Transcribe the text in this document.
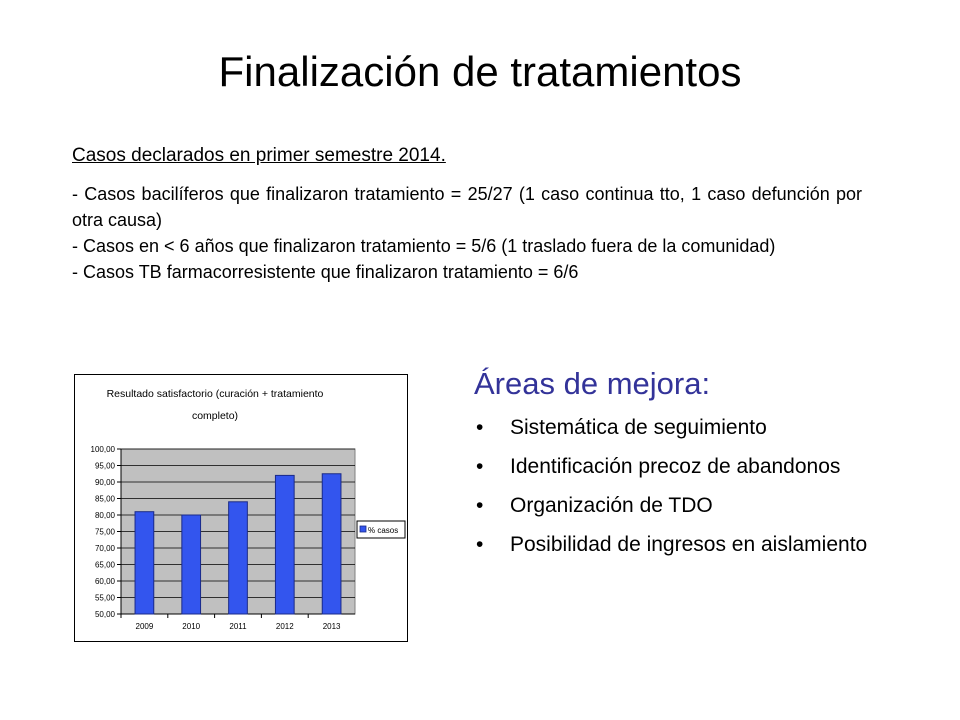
Finalización de tratamientos
Casos declarados en primer semestre 2014.
- Casos bacilíferos que finalizaron tratamiento = 25/27 (1 caso continua tto, 1 caso defunción por otra causa)
- Casos en < 6 años que finalizaron tratamiento = 5/6 (1 traslado fuera de la comunidad)
- Casos TB farmacorresistente que finalizaron tratamiento = 6/6
Resultado satisfactorio (curación + tratamiento
completo)
50,00
55,00
60,00
65,00
70,00
75,00
80,00
85,00
90,00
95,00
100,00
2009	2010	2011	2012	2013
% casos
Áreas de mejora:
• Sistemática de seguimiento
• Identificación precoz de abandonos
• Organización de TDO
• Posibilidad de ingresos en aislamiento
